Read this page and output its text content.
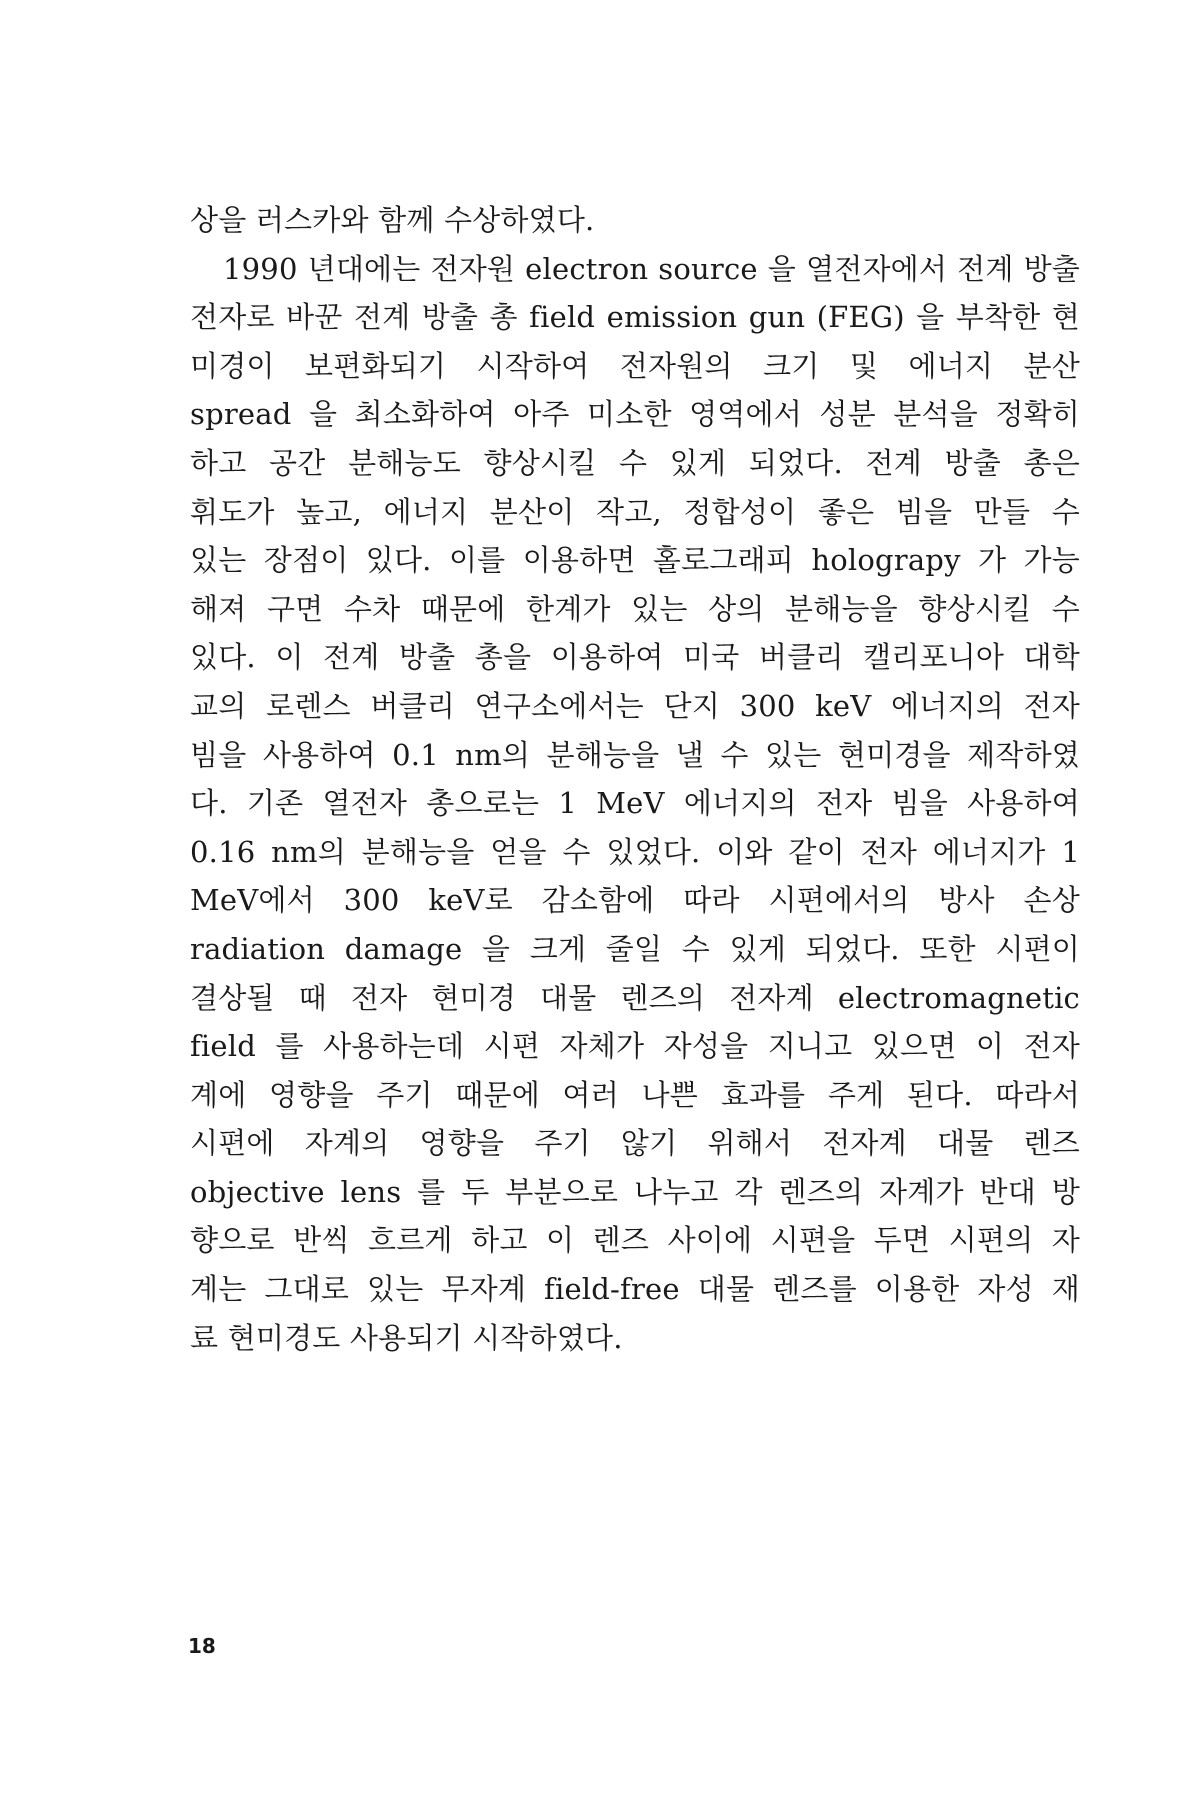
상을 러스카와 함께 수상하였다.
1990 년대에는 전자원 electron source 을 열전자에서 전계 방출
전자로 바꾼 전계 방출 총 field emission gun (FEG) 을 부착한 현
미경이 보편화되기 시작하여 전자원의 크기 및 에너지 분산
spread 을 최소화하여 아주 미소한 영역에서 성분 분석을 정확히
하고 공간 분해능도 향상시킬 수 있게 되었다. 전계 방출 총은
휘도가 높고, 에너지 분산이 작고, 정합성이 좋은 빔을 만들 수
있는 장점이 있다. 이를 이용하면 홀로그래피 holograpy 가 가능
해져 구면 수차 때문에 한계가 있는 상의 분해능을 향상시킬 수
있다. 이 전계 방출 총을 이용하여 미국 버클리 캘리포니아 대학
교의 로렌스 버클리 연구소에서는 단지 300 keV 에너지의 전자
빔을 사용하여 0.1 nm의 분해능을 낼 수 있는 현미경을 제작하였
다. 기존 열전자 총으로는 1 MeV 에너지의 전자 빔을 사용하여
0.16 nm의 분해능을 얻을 수 있었다. 이와 같이 전자 에너지가 1
MeV에서 300 keV로 감소함에 따라 시편에서의 방사 손상
radiation damage 을 크게 줄일 수 있게 되었다. 또한 시편이
결상될 때 전자 현미경 대물 렌즈의 전자계 electromagnetic
field 를 사용하는데 시편 자체가 자성을 지니고 있으면 이 전자
계에 영향을 주기 때문에 여러 나쁜 효과를 주게 된다. 따라서
시편에 자계의 영향을 주기 않기 위해서 전자계 대물 렌즈
objective lens 를 두 부분으로 나누고 각 렌즈의 자계가 반대 방
향으로 반씩 흐르게 하고 이 렌즈 사이에 시편을 두면 시편의 자
계는 그대로 있는 무자계 field-free 대물 렌즈를 이용한 자성 재
료 현미경도 사용되기 시작하였다.
18
